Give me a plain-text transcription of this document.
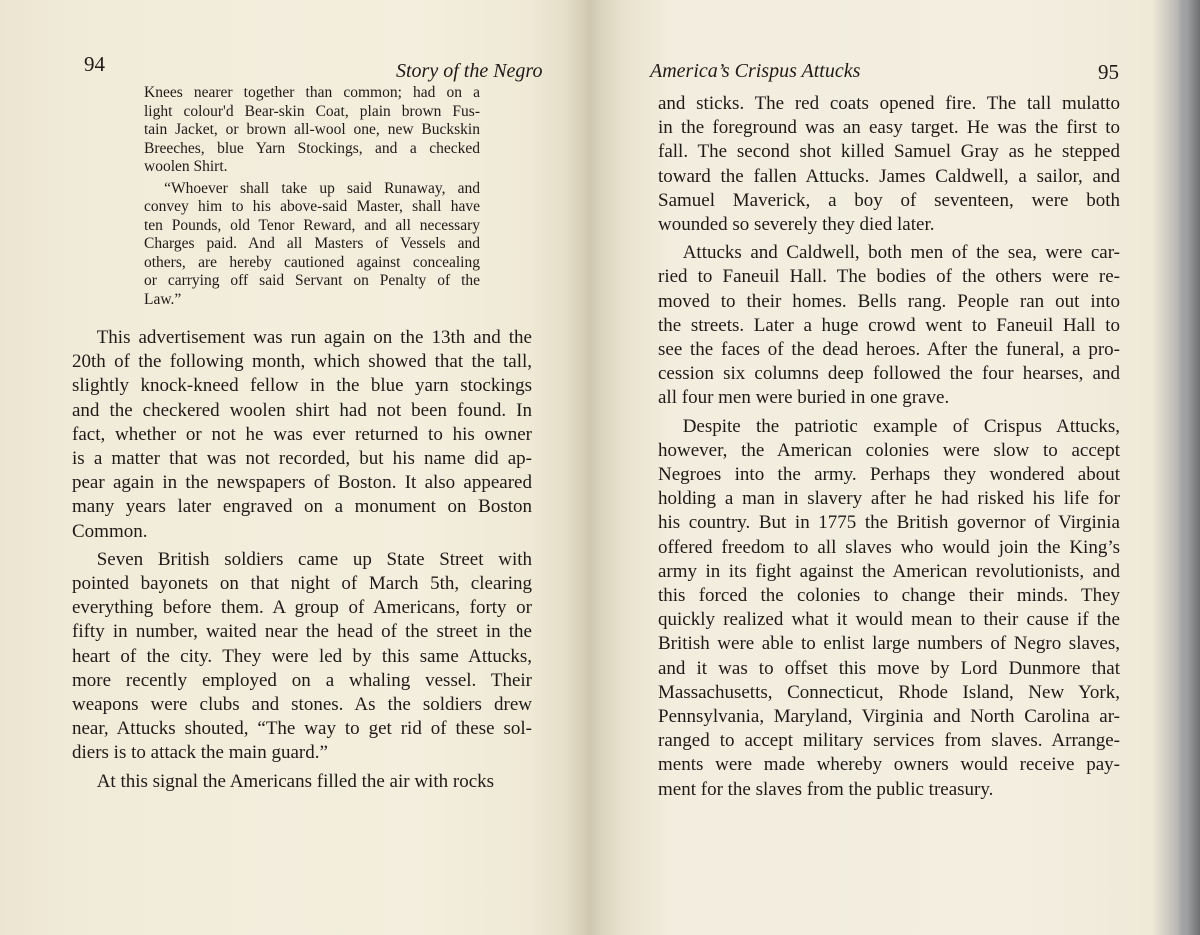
94	Story of the Negro
Knees nearer together than common; had on a
light colour'd Bear-skin Coat, plain brown Fus-
tain Jacket, or brown all-wool one, new Buckskin
Breeches, blue Yarn Stockings, and a checked
woolen Shirt.
“Whoever shall take up said Runaway, and
convey him to his above-said Master, shall have
ten Pounds, old Tenor Reward, and all necessary
Charges paid. And all Masters of Vessels and
others, are hereby cautioned against concealing
or carrying off said Servant on Penalty of the
Law.”
This advertisement was run again on the 13th and the
20th of the following month, which showed that the tall,
slightly knock-kneed fellow in the blue yarn stockings
and the checkered woolen shirt had not been found. In
fact, whether or not he was ever returned to his owner
is a matter that was not recorded, but his name did ap-
pear again in the newspapers of Boston. It also appeared
many years later engraved on a monument on Boston
Common.
Seven British soldiers came up State Street with
pointed bayonets on that night of March 5th, clearing
everything before them. A group of Americans, forty or
fifty in number, waited near the head of the street in the
heart of the city. They were led by this same Attucks,
more recently employed on a whaling vessel. Their
weapons were clubs and stones. As the soldiers drew
near, Attucks shouted, “The way to get rid of these sol-
diers is to attack the main guard.”
At this signal the Americans filled the air with rocks
America’s Crispus Attucks	95
and sticks. The red coats opened fire. The tall mulatto
in the foreground was an easy target. He was the first to
fall. The second shot killed Samuel Gray as he stepped
toward the fallen Attucks. James Caldwell, a sailor, and
Samuel Maverick, a boy of seventeen, were both
wounded so severely they died later.
Attucks and Caldwell, both men of the sea, were car-
ried to Faneuil Hall. The bodies of the others were re-
moved to their homes. Bells rang. People ran out into
the streets. Later a huge crowd went to Faneuil Hall to
see the faces of the dead heroes. After the funeral, a pro-
cession six columns deep followed the four hearses, and
all four men were buried in one grave.
Despite the patriotic example of Crispus Attucks,
however, the American colonies were slow to accept
Negroes into the army. Perhaps they wondered about
holding a man in slavery after he had risked his life for
his country. But in 1775 the British governor of Virginia
offered freedom to all slaves who would join the King’s
army in its fight against the American revolutionists, and
this forced the colonies to change their minds. They
quickly realized what it would mean to their cause if the
British were able to enlist large numbers of Negro slaves,
and it was to offset this move by Lord Dunmore that
Massachusetts, Connecticut, Rhode Island, New York,
Pennsylvania, Maryland, Virginia and North Carolina ar-
ranged to accept military services from slaves. Arrange-
ments were made whereby owners would receive pay-
ment for the slaves from the public treasury.
